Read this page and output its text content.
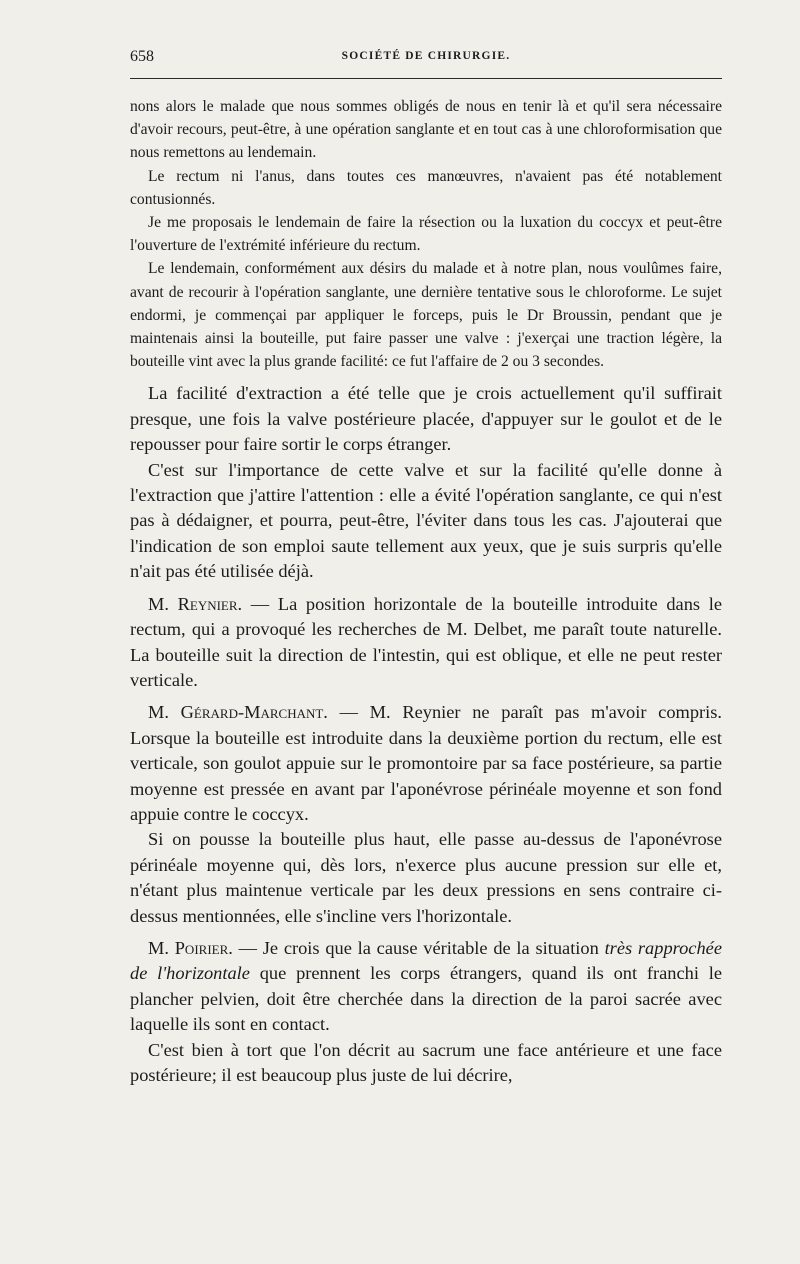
658	SOCIÉTÉ DE CHIRURGIE.

nons alors le malade que nous sommes obligés de nous en tenir là et qu'il sera nécessaire d'avoir recours, peut-être, à une opération sanglante et en tout cas à une chloroformisation que nous remettons au lendemain.

Le rectum ni l'anus, dans toutes ces manœuvres, n'avaient pas été notablement contusionnés.

Je me proposais le lendemain de faire la résection ou la luxation du coccyx et peut-être l'ouverture de l'extrémité inférieure du rectum.

Le lendemain, conformément aux désirs du malade et à notre plan, nous voulûmes faire, avant de recourir à l'opération sanglante, une dernière tentative sous le chloroforme. Le sujet endormi, je commençai par appliquer le forceps, puis le Dr Broussin, pendant que je maintenais ainsi la bouteille, put faire passer une valve : j'exerçai une traction légère, la bouteille vint avec la plus grande facilité: ce fut l'affaire de 2 ou 3 secondes.

La facilité d'extraction a été telle que je crois actuellement qu'il suffirait presque, une fois la valve postérieure placée, d'appuyer sur le goulot et de le repousser pour faire sortir le corps étranger.

C'est sur l'importance de cette valve et sur la facilité qu'elle donne à l'extraction que j'attire l'attention : elle a évité l'opération sanglante, ce qui n'est pas à dédaigner, et pourra, peut-être, l'éviter dans tous les cas. J'ajouterai que l'indication de son emploi saute tellement aux yeux, que je suis surpris qu'elle n'ait pas été utilisée déjà.

M. Reynier. — La position horizontale de la bouteille introduite dans le rectum, qui a provoqué les recherches de M. Delbet, me paraît toute naturelle. La bouteille suit la direction de l'intestin, qui est oblique, et elle ne peut rester verticale.

M. Gérard-Marchant. — M. Reynier ne paraît pas m'avoir compris. Lorsque la bouteille est introduite dans la deuxième portion du rectum, elle est verticale, son goulot appuie sur le promontoire par sa face postérieure, sa partie moyenne est pressée en avant par l'aponévrose périnéale moyenne et son fond appuie contre le coccyx.

Si on pousse la bouteille plus haut, elle passe au-dessus de l'aponévrose périnéale moyenne qui, dès lors, n'exerce plus aucune pression sur elle et, n'étant plus maintenue verticale par les deux pressions en sens contraire ci-dessus mentionnées, elle s'incline vers l'horizontale.

M. Poirier. — Je crois que la cause véritable de la situation très rapprochée de l'horizontale que prennent les corps étrangers, quand ils ont franchi le plancher pelvien, doit être cherchée dans la direction de la paroi sacrée avec laquelle ils sont en contact.

C'est bien à tort que l'on décrit au sacrum une face antérieure et une face postérieure; il est beaucoup plus juste de lui décrire,
